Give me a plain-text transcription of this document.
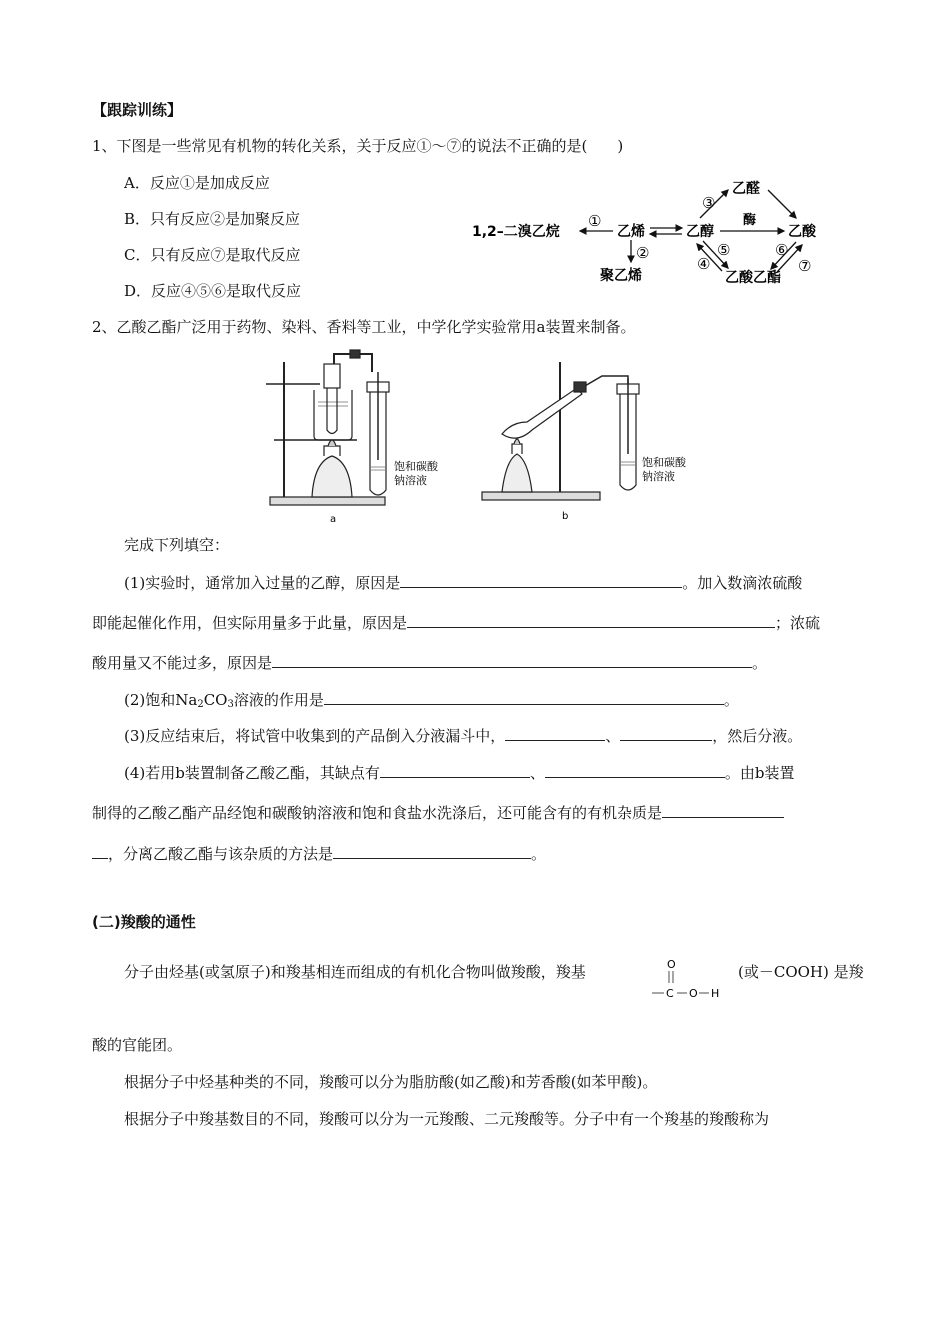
【跟踪训练】
1、下图是一些常见有机物的转化关系，关于反应①～⑦的说法不正确的是(　　)
A．反应①是加成反应
B．只有反应②是加聚反应
C．只有反应⑦是取代反应
D．反应④⑤⑥是取代反应
1,2–二溴乙烷	乙烯	乙醇
乙醛
乙酸
乙酸乙酯
聚乙烯
酶
①
②
③
⑤
④
⑥
⑦
2、乙酸乙酯广泛用于药物、染料、香料等工业，中学化学实验常用a装置来制备。
饱和碳酸
钠溶液
饱和碳酸
钠溶液
a	b
完成下列填空：
(1)实验时，通常加入过量的乙醇，原因是	。加入数滴浓硫酸
即能起催化作用，但实际用量多于此量，原因是	；浓硫
酸用量又不能过多，原因是	。
(2)饱和$Na_2CO_3$溶液的作用是	。
(3)反应结束后，将试管中收集到的产品倒入分液漏斗中，	、	，然后分液。
(4)若用b装置制备乙酸乙酯，其缺点有	、	。由b装置
制得的乙酸乙酯产品经饱和碳酸钠溶液和饱和食盐水洗涤后，还可能含有的有机杂质是
，分离乙酸乙酯与该杂质的方法是	。
(二)羧酸的通性
分子由烃基(或氢原子)和羧基相连而组成的有机化合物叫做羧酸，羧基	O
C O H
(或－COOH) 是羧
酸的官能团。
根据分子中烃基种类的不同，羧酸可以分为脂肪酸(如乙酸)和芳香酸(如苯甲酸)。
根据分子中羧基数目的不同，羧酸可以分为一元羧酸、二元羧酸等。分子中有一个羧基的羧酸称为
